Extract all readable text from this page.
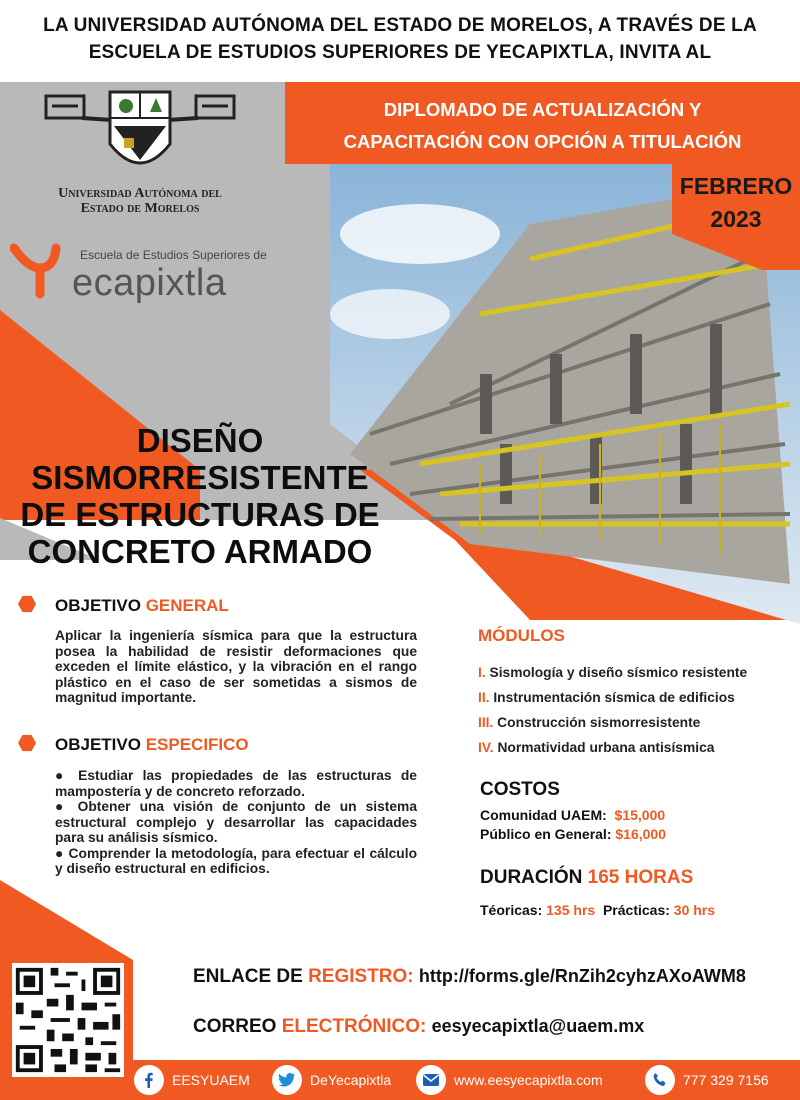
LA UNIVERSIDAD AUTÓNOMA DEL ESTADO DE MORELOS, A TRAVÉS DE LA
ESCUELA DE ESTUDIOS SUPERIORES DE YECAPIXTLA, INVITA AL
Universidad Autónoma del
Estado de Morelos
Escuela de Estudios Superiores de
ecapixtla
DIPLOMADO DE ACTUALIZACIÓN Y
CAPACITACIÓN CON OPCIÓN A TITULACIÓN
FEBRERO
2023
DISEÑO
SISMORRESISTENTE
DE ESTRUCTURAS DE
CONCRETO ARMADO
OBJETIVO GENERAL
Aplicar la ingeniería sísmica para que la estructura posea la habilidad de resistir deformaciones que exceden el límite elástico, y la vibración en el rango plástico en el caso de ser sometidas a sismos de magnitud importante.
OBJETIVO ESPECIFICO

● Estudiar las propiedades de las estructuras de mampostería y de concreto reforzado.

● Obtener una visión de conjunto de un sistema estructural complejo y desarrollar las capacidades para su análisis sísmico.

● Comprender la metodología, para efectuar el cálculo y diseño estructural en edificios.

MÓDULOS
I. Sismología y diseño sísmico resistente
II. Instrumentación sísmica de edificios
III. Construcción sismorresistente
IV. Normatividad urbana antisísmica
COSTOS
Comunidad UAEM: $15,000
Público en General: $16,000
DURACIÓN 165 HORAS
Téoricas: 135 hrs Prácticas: 30 hrs
ENLACE DE REGISTRO: http://forms.gle/RnZih2cyhzAXoAWM8
CORREO ELECTRÓNICO: eesyecapixtla@uaem.mx
EESYUAEM	DeYecapixtla	www.eesyecapixtla.com	777 329 7156
